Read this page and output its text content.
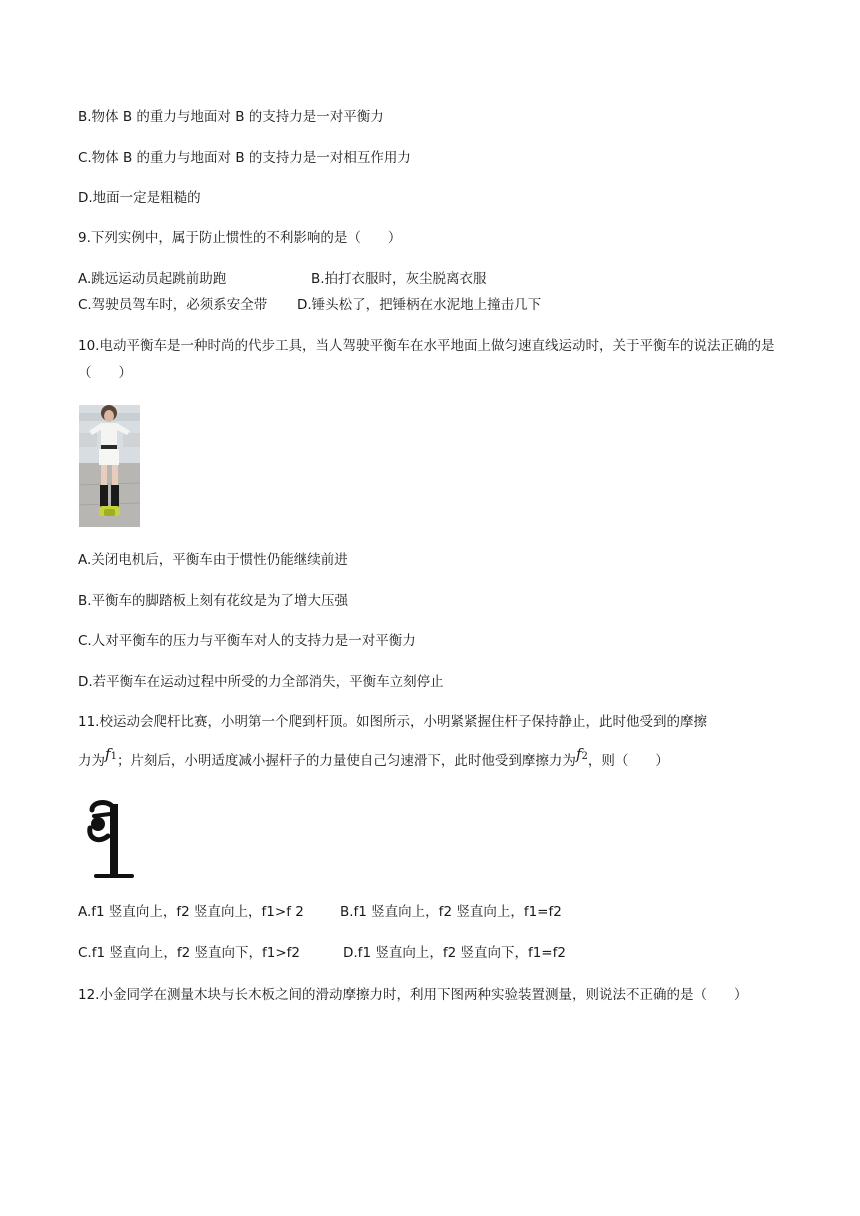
B.物体 B 的重力与地面对 B 的支持力是一对平衡力
C.物体 B 的重力与地面对 B 的支持力是一对相互作用力
D.地面一定是粗糙的
9.下列实例中，属于防止惯性的不利影响的是（　　）
A.跳远运动员起跳前助跑	B.拍打衣服时，灰尘脱离衣服
C.驾驶员驾车时，必须系安全带 D.锤头松了，把锤柄在水泥地上撞击几下
10.电动平衡车是一种时尚的代步工具，当人驾驶平衡车在水平地面上做匀速直线运动时，关于平衡车的说法正确的是（　　）
A.关闭电机后，平衡车由于惯性仍能继续前进
B.平衡车的脚踏板上刻有花纹是为了增大压强
C.人对平衡车的压力与平衡车对人的支持力是一对平衡力
D.若平衡车在运动过程中所受的力全部消失，平衡车立刻停止
11.校运动会爬杆比赛，小明第一个爬到杆顶。如图所示，小明紧紧握住杆子保持静止，此时他受到的摩擦
力为f1；片刻后，小明适度减小握杆子的力量使自己匀速滑下，此时他受到摩擦力为f2，则（　　）
A.f1 竖直向上，f2 竖直向上，f1>f 2	B.f1 竖直向上，f2 竖直向上，f1=f2
C.f1 竖直向上，f2 竖直向下，f1>f2	D.f1 竖直向上，f2 竖直向下，f1=f2
12.小金同学在测量木块与长木板之间的滑动摩擦力时，利用下图两种实验装置测量，则说法不正确的是（　　）
